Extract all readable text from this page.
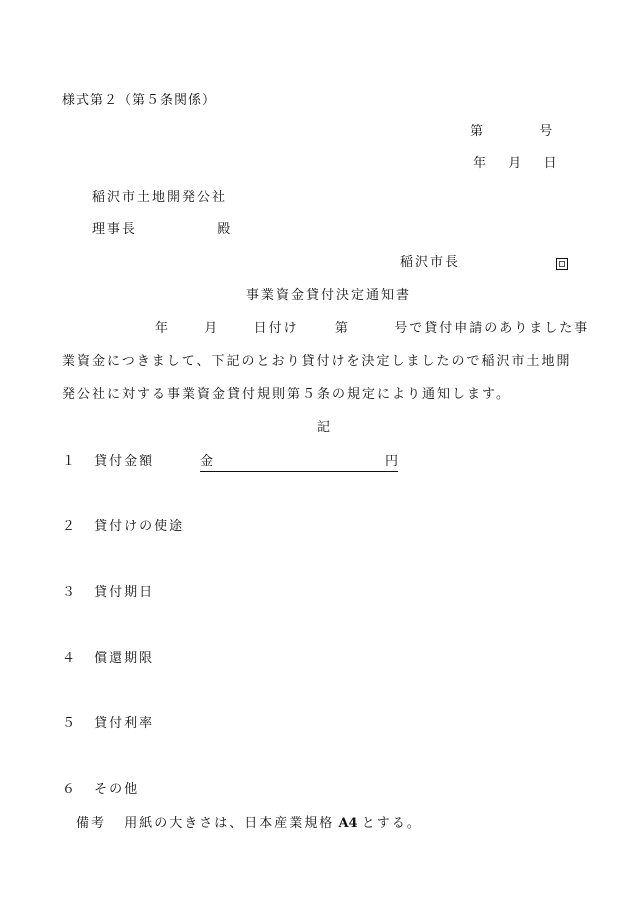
様式第２（第５条関係）
第	号
年 月 日
稲沢市土地開発公社
理事長	殿
稲沢市長
事業資金貸付決定通知書
年	月	日付け	第	号で貸付申請のありました事
業資金につきまして、下記のとおり貸付けを決定しましたので稲沢市土地開
発公社に対する事業資金貸付規則第５条の規定により通知します。
記
１ 貸付金額	金	円
２ 貸付けの使途
３ 貸付期日
４ 償還期限
５ 貸付利率
６ その他
備考 用紙の大きさは、日本産業規格 A4 とする。
